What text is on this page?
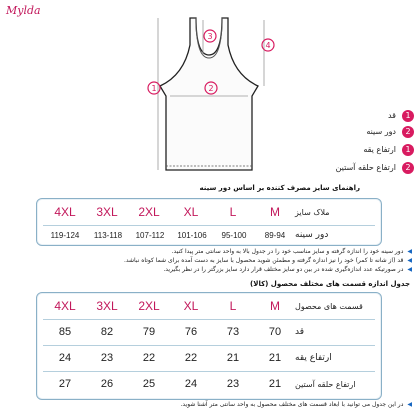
Mylda
1	2
3
4
1
قد
2
دور سینه
1
ارتفاع یقه
2
ارتفاع حلقه آستین
راهنمای سایز مصرف کننده بر اساس دور سینه
4XL	3XL	2XL	XL	L	M	ملاک سایز
119-124	113-118	107-112	101-106	95-100	89-94	دور سینه
◀
دور سینه خود را اندازه گرفته و سایز مناسب خود را در جدول بالا به واحد سانتی متر پیدا کنید.
◀
قد (از شانه تا کمر) خود را نیز اندازه گرفته و مطمئن شوید محصول با سایز به دست آمده برای شما کوتاه نباشد.
◀
در صورتیکه عدد اندازه‌گیری شده در بین دو سایز مختلف قرار دارد سایز بزرگتر را در نظر بگیرید.
جدول اندازه قسمت های مختلف محصول (کالا)
4XL	3XL	2XL	XL	L	M	قسمت های محصول
85	82	79	76	73	70	قد
24	23	22	22	21	21	ارتفاع یقه
27	26	25	24	23	21	ارتفاع حلقه آستین
◀
در این جدول می توانید با ابعاد قسمت های مختلف محصول به واحد سانتی متر آشنا شوید.
